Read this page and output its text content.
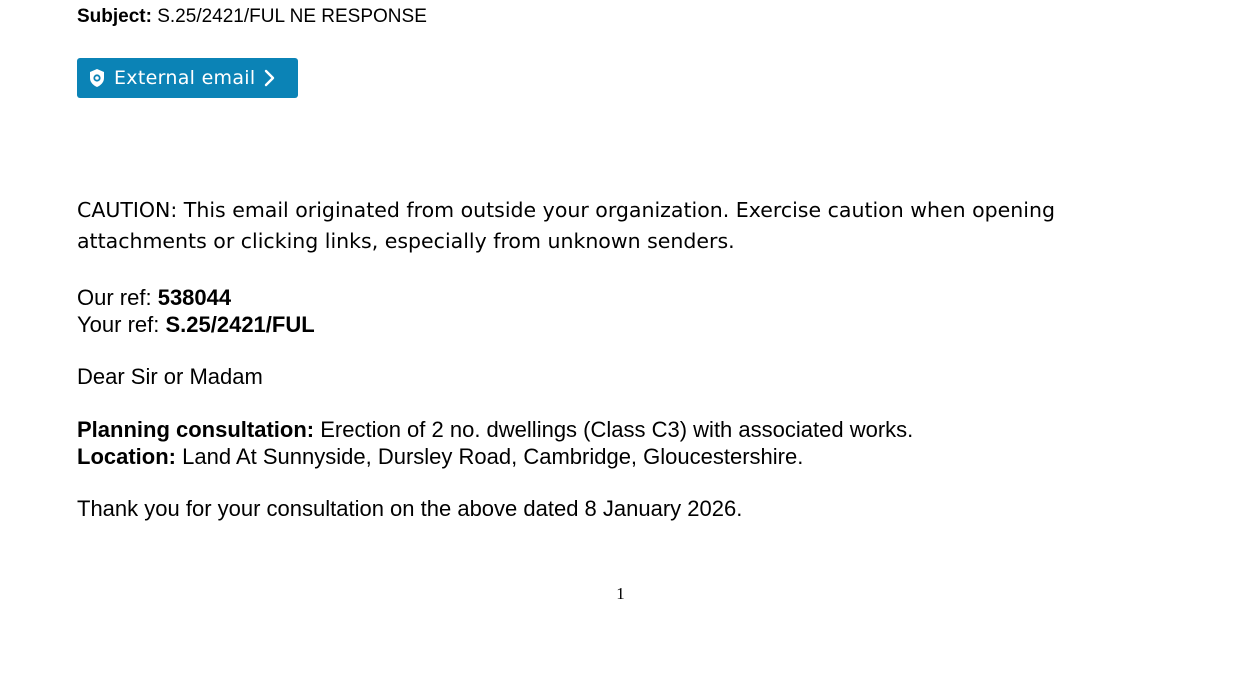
Subject: S.25/2421/FUL NE RESPONSE
External email
CAUTION: This email originated from outside your organization. Exercise caution when opening attachments or clicking links, especially from unknown senders.
Our ref: 538044
Your ref: S.25/2421/FUL
Dear Sir or Madam
Planning consultation: Erection of 2 no. dwellings (Class C3) with associated works.
Location: Land At Sunnyside, Dursley Road, Cambridge, Gloucestershire.
Thank you for your consultation on the above dated 8 January 2026.
1
